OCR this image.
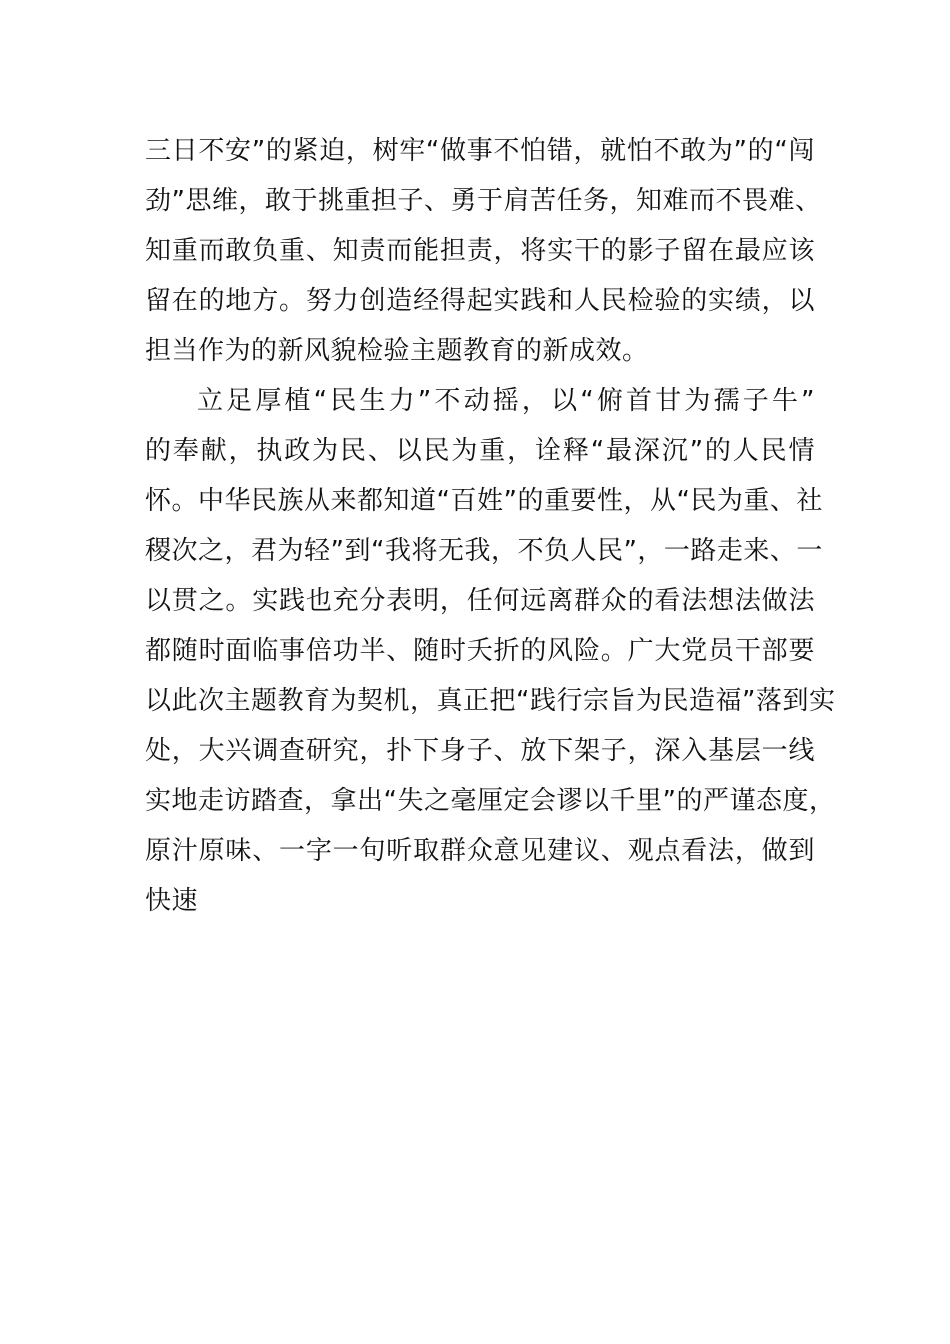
三日不安”的紧迫，树牢“做事不怕错，就怕不敢为”的“闯
劲”思维，敢于挑重担子、勇于肩苦任务，知难而不畏难、
知重而敢负重、知责而能担责，将实干的影子留在最应该
留在的地方。努力创造经得起实践和人民检验的实绩，以
担当作为的新风貌检验主题教育的新成效。
立足厚植“民生力”不动摇，以“俯首甘为孺子牛”
的奉献，执政为民、以民为重，诠释“最深沉”的人民情
怀。中华民族从来都知道“百姓”的重要性，从“民为重、社
稷次之，君为轻”到“我将无我，不负人民”，一路走来、一
以贯之。实践也充分表明，任何远离群众的看法想法做法
都随时面临事倍功半、随时夭折的风险。广大党员干部要
以此次主题教育为契机，真正把“践行宗旨为民造福”落到实
处，大兴调查研究，扑下身子、放下架子，深入基层一线
实地走访踏查，拿出“失之毫厘定会谬以千里”的严谨态度，
原汁原味、一字一句听取群众意见建议、观点看法，做到
快速
